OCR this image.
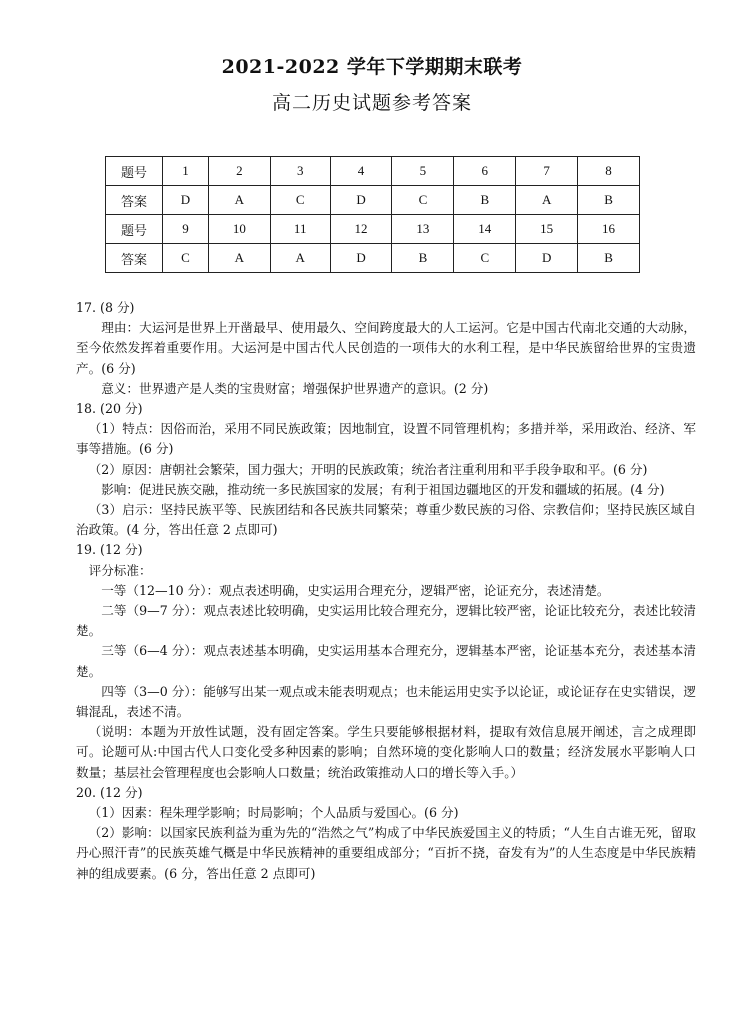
2021-2022 学年下学期期末联考
高二历史试题参考答案
题号	1	2	3	4	5	6	7	8
答案	D	A	C	D	C	B	A	B
题号	9	10	11	12	13	14	15	16
答案	C	A	A	D	B	C	D	B

17. (8 分)

理由：大运河是世界上开凿最早、使用最久、空间跨度最大的人工运河。它是中国古代南北交通的大动脉，至今依然发挥着重要作用。大运河是中国古代人民创造的一项伟大的水利工程，是中华民族留给世界的宝贵遗产。(6 分)

意义：世界遗产是人类的宝贵财富；增强保护世界遗产的意识。(2 分)

18. (20 分)

（1）特点：因俗而治，采用不同民族政策；因地制宜，设置不同管理机构；多措并举，采用政治、经济、军事等措施。(6 分)

（2）原因：唐朝社会繁荣，国力强大；开明的民族政策；统治者注重利用和平手段争取和平。(6 分)

影响：促进民族交融，推动统一多民族国家的发展；有利于祖国边疆地区的开发和疆域的拓展。(4 分)

（3）启示：坚持民族平等、民族团结和各民族共同繁荣；尊重少数民族的习俗、宗教信仰；坚持民族区域自治政策。(4 分，答出任意 2 点即可)

19. (12 分)

评分标准：

一等（12—10 分）：观点表述明确，史实运用合理充分，逻辑严密，论证充分，表述清楚。

二等（9—7 分）：观点表述比较明确，史实运用比较合理充分，逻辑比较严密，论证比较充分，表述比较清楚。

三等（6—4 分）：观点表述基本明确，史实运用基本合理充分，逻辑基本严密，论证基本充分，表述基本清楚。

四等（3—0 分）：能够写出某一观点或未能表明观点；也未能运用史实予以论证，或论证存在史实错误，逻辑混乱，表述不清。

（说明：本题为开放性试题，没有固定答案。学生只要能够根据材料，提取有效信息展开阐述，言之成理即可。论题可从:中国古代人口变化受多种因素的影响；自然环境的变化影响人口的数量；经济发展水平影响人口数量；基层社会管理程度也会影响人口数量；统治政策推动人口的增长等入手。）

20. (12 分)

（1）因素：程朱理学影响；时局影响；个人品质与爱国心。(6 分)

（2）影响：以国家民族利益为重为先的“浩然之气”构成了中华民族爱国主义的特质；“人生自古谁无死，留取丹心照汗青”的民族英雄气概是中华民族精神的重要组成部分；“百折不挠，奋发有为”的人生态度是中华民族精神的组成要素。(6 分，答出任意 2 点即可)
